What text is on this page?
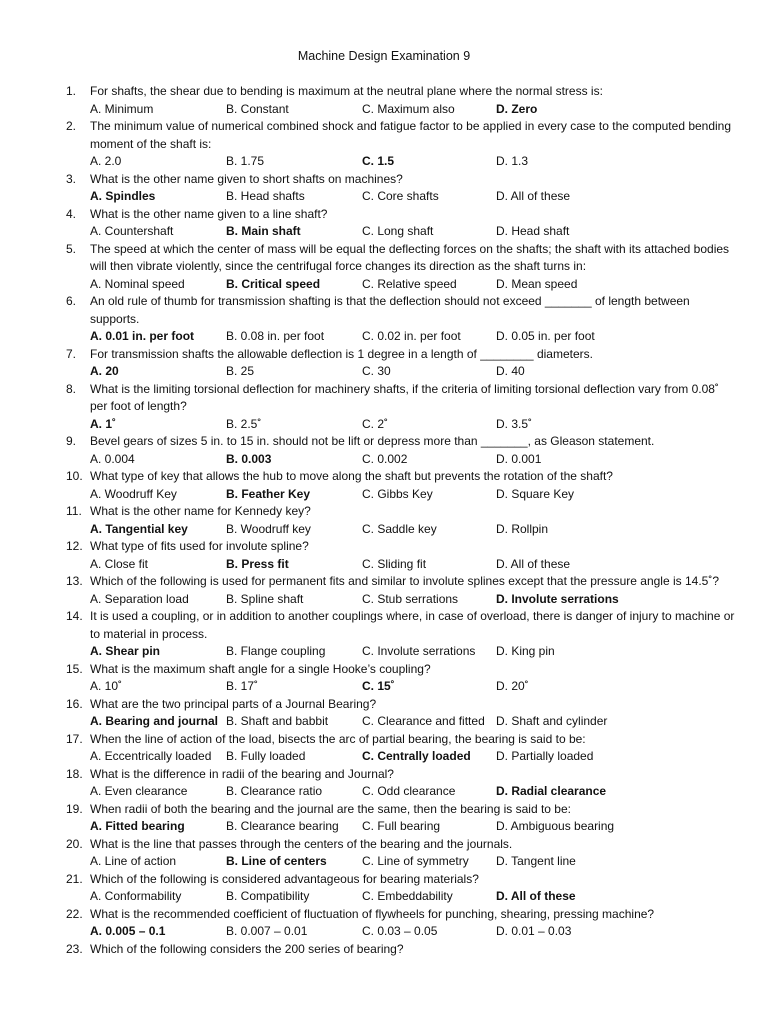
Machine Design Examination 9
1.	For shafts, the shear due to bending is maximum at the neutral plane where the normal stress is:
A. Minimum	B. Constant	C. Maximum also	D. Zero
2.	The minimum value of numerical combined shock and fatigue factor to be applied in every case to the computed bending moment of the shaft is:
A. 2.0	B. 1.75	C. 1.5	D. 1.3
3.	What is the other name given to short shafts on machines?
A. Spindles	B. Head shafts	C. Core shafts	D. All of these
4.	What is the other name given to a line shaft?
A. Countershaft	B. Main shaft	C. Long shaft	D. Head shaft
5.	The speed at which the center of mass will be equal the deflecting forces on the shafts; the shaft with its attached bodies will then vibrate violently, since the centrifugal force changes its direction as the shaft turns in:
A. Nominal speed	B. Critical speed	C. Relative speed	D. Mean speed
6.	An old rule of thumb for transmission shafting is that the deflection should not exceed _______ of length between supports.
A. 0.01 in. per foot	B. 0.08 in. per foot	C. 0.02 in. per foot	D. 0.05 in. per foot
7.	For transmission shafts the allowable deflection is 1 degree in a length of ________ diameters.
A. 20	B. 25	C. 30	D. 40
8.	What is the limiting torsional deflection for machinery shafts, if the criteria of limiting torsional deflection vary from 0.08˚ per foot of length?
A. 1˚	B. 2.5˚	C. 2˚	D. 3.5˚
9.	Bevel gears of sizes 5 in. to 15 in. should not be lift or depress more than _______, as Gleason statement.
A. 0.004	B. 0.003	C. 0.002	D. 0.001
10. What type of key that allows the hub to move along the shaft but prevents the rotation of the shaft?
A. Woodruff Key	B. Feather Key	C. Gibbs Key	D. Square Key
11. What is the other name for Kennedy key?
A. Tangential key	B. Woodruff key	C. Saddle key	D. Rollpin
12. What type of fits used for involute spline?
A. Close fit	B. Press fit	C. Sliding fit	D. All of these
13. Which of the following is used for permanent fits and similar to involute splines except that the pressure angle is 14.5˚?
A. Separation load	B. Spline shaft	C. Stub serrations	D. Involute serrations
14. It is used a coupling, or in addition to another couplings where, in case of overload, there is danger of injury to machine or to material in process.
A. Shear pin	B. Flange coupling	C. Involute serrations D. King pin
15. What is the maximum shaft angle for a single Hooke’s coupling?
A. 10˚	B. 17˚	C. 15˚	D. 20˚
16. What are the two principal parts of a Journal Bearing?
A. Bearing and journal B. Shaft and babbit	C. Clearance and fitted D. Shaft and cylinder
17. When the line of action of the load, bisects the arc of partial bearing, the bearing is said to be:
A. Eccentrically loaded B. Fully loaded	C. Centrally loaded D. Partially loaded
18. What is the difference in radii of the bearing and Journal?
A. Even clearance	B. Clearance ratio	C. Odd clearance	D. Radial clearance
19. When radii of both the bearing and the journal are the same, then the bearing is said to be:
A. Fitted bearing	B. Clearance bearing C. Full bearing	D. Ambiguous bearing
20. What is the line that passes through the centers of the bearing and the journals.
A. Line of action	B. Line of centers	C. Line of symmetry D. Tangent line
21. Which of the following is considered advantageous for bearing materials?
A. Conformability	B. Compatibility	C. Embeddability	D. All of these
22. What is the recommended coefficient of fluctuation of flywheels for punching, shearing, pressing machine?
A. 0.005 – 0.1	B. 0.007 – 0.01	C. 0.03 – 0.05	D. 0.01 – 0.03
23. Which of the following considers the 200 series of bearing?
